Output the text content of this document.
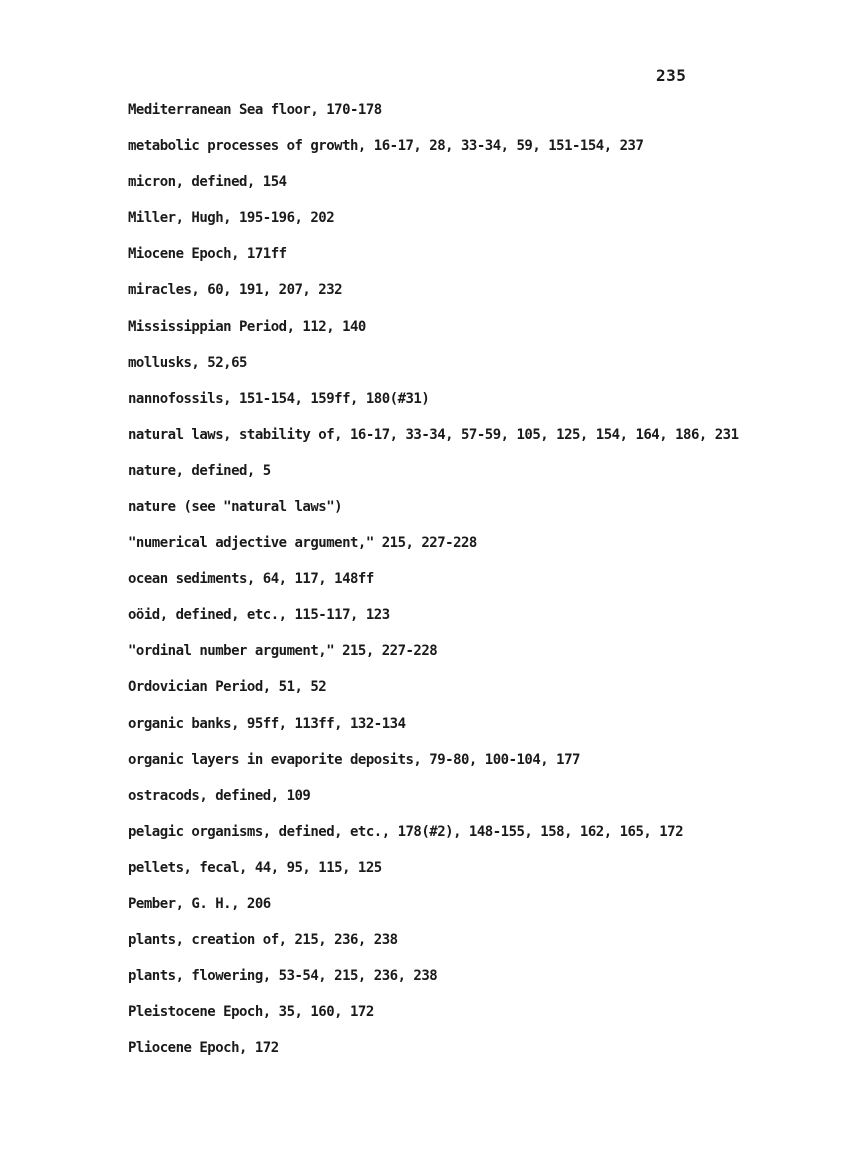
235
Mediterranean Sea floor, 170-178
metabolic processes of growth, 16-17, 28, 33-34, 59, 151-154, 237
micron, defined, 154
Miller, Hugh, 195-196, 202
Miocene Epoch, 171ff
miracles, 60, 191, 207, 232
Mississippian Period, 112, 140
mollusks, 52,65
nannofossils, 151-154, 159ff, 180(#31)
natural laws, stability of, 16-17, 33-34, 57-59, 105, 125, 154, 164, 186, 231
nature, defined, 5
nature (see "natural laws")
"numerical adjective argument," 215, 227-228
ocean sediments, 64, 117, 148ff
oöid, defined, etc., 115-117, 123
"ordinal number argument," 215, 227-228
Ordovician Period, 51, 52
organic banks, 95ff, 113ff, 132-134
organic layers in evaporite deposits, 79-80, 100-104, 177
ostracods, defined, 109
pelagic organisms, defined, etc., 178(#2), 148-155, 158, 162, 165, 172
pellets, fecal, 44, 95, 115, 125
Pember, G. H., 206
plants, creation of, 215, 236, 238
plants, flowering, 53-54, 215, 236, 238
Pleistocene Epoch, 35, 160, 172
Pliocene Epoch, 172
